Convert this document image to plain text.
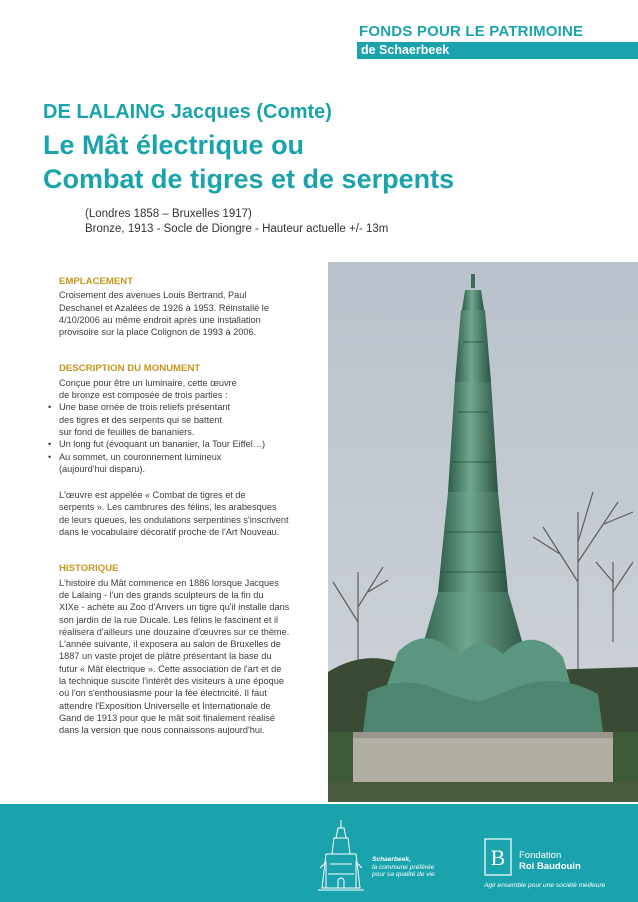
FONDS POUR LE PATRIMOINE
de Schaerbeek
DE LALAING Jacques (Comte)
Le Mât électrique ou
Combat de tigres et de serpents
(Londres 1858 – Bruxelles 1917)
Bronze, 1913 - Socle de Diongre - Hauteur actuelle +/- 13m
EMPLACEMENT

Croisement des avenues Louis Bertrand, Paul

Deschanel et Azalées de 1926 à 1953. Réinstallé le

4/10/2006 au même endroit après une installation

provisoire sur la place Colignon de 1993 à 2006.

DESCRIPTION DU MONUMENT

Conçue pour être un luminaire, cette œuvre

de bronze est composée de trois parties :

• Une base ornée de trois reliefs présentant

des tigres et des serpents qui se battent

sur fond de feuilles de bananiers.

• Un long fut (évoquant un bananier, la Tour Eiffel…)

• Au sommet, un couronnement lumineux

(aujourd'hui disparu).

L'œuvre est appelée « Combat de tigres et de

serpents ». Les cambrures des félins, les arabesques

de leurs queues, les ondulations serpentines s'inscrivent

dans le vocabulaire décoratif proche de l'Art Nouveau.

HISTORIQUE

L'histoire du Mât commence en 1886 lorsque Jacques

de Lalaing - l'un des grands sculpteurs de la fin du

XIXe - achète au Zoo d'Anvers un tigre qu'il installe dans

son jardin de la rue Ducale. Les félins le fascinent et il

réalisera d'ailleurs une douzaine d'œuvres sur ce thème.

L'année suivante, il exposera au salon de Bruxelles de

1887 un vaste projet de plâtre présentant la base du

futur « Mât électrique ». Cette association de l'art et de

la technique suscite l'intérêt des visiteurs à une époque

où l'on s'enthousiasme pour la fée électricité. Il faut

attendre l'Exposition Universelle et Internationale de

Gand de 1913 pour que le mât soit finalement réalisé

dans la version que nous connaissons aujourd'hui.

Schaerbeek,
la commune préférée
pour sa qualité de vie
B Fondation
Roi Baudouin
Agir ensemble pour une société meilleure
